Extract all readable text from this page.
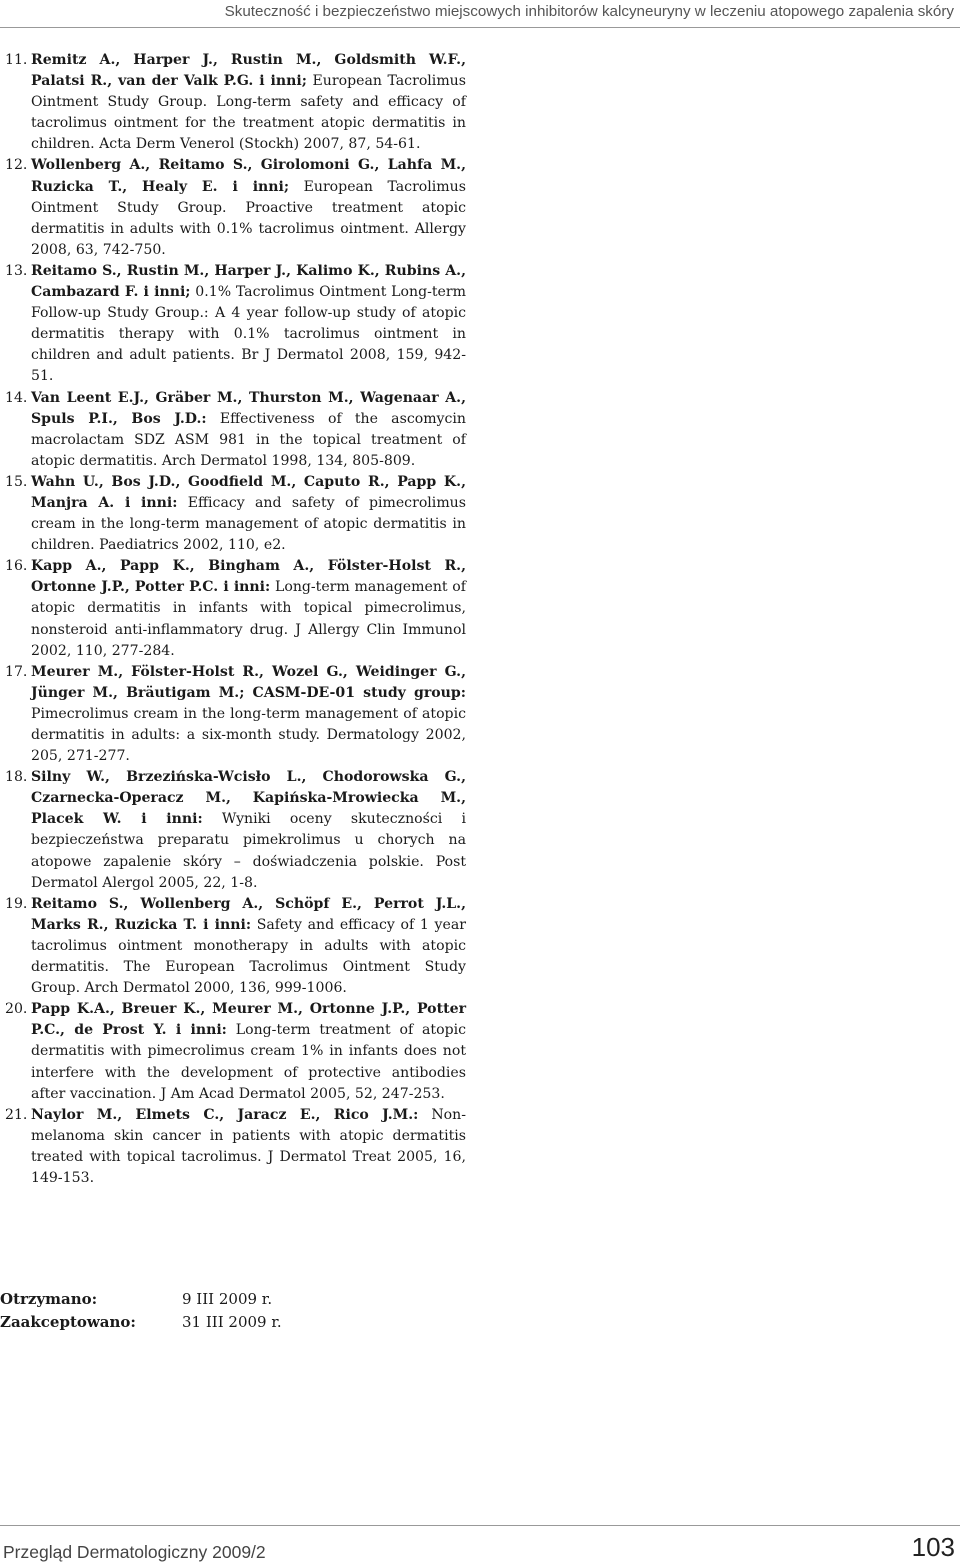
Skuteczność i bezpieczeństwo miejscowych inhibitorów kalcyneuryny w leczeniu atopowego zapalenia skóry
11. Remitz A., Harper J., Rustin M., Goldsmith W.F., Palatsi R., van der Valk P.G. i inni; European Tacrolimus Ointment Study Group. Long-term safety and efficacy of tacrolimus ointment for the treatment atopic dermatitis in children. Acta Derm Venerol (Stockh) 2007, 87, 54-61.
12. Wollenberg A., Reitamo S., Girolomoni G., Lahfa M., Ruzicka T., Healy E. i inni; European Tacrolimus Ointment Study Group. Proactive treatment atopic dermatitis in adults with 0.1% tacrolimus ointment. Allergy 2008, 63, 742-750.
13. Reitamo S., Rustin M., Harper J., Kalimo K., Rubins A., Cambazard F. i inni; 0.1% Tacrolimus Ointment Long-term Follow-up Study Group.: A 4 year follow-up study of atopic dermatitis therapy with 0.1% tacrolimus ointment in children and adult patients. Br J Dermatol 2008, 159, 942-51.
14. Van Leent E.J., Gräber M., Thurston M., Wagenaar A., Spuls P.I., Bos J.D.: Effectiveness of the ascomycin macrolactam SDZ ASM 981 in the topical treatment of atopic dermatitis. Arch Dermatol 1998, 134, 805-809.
15. Wahn U., Bos J.D., Goodfield M., Caputo R., Papp K., Manjra A. i inni: Efficacy and safety of pimecrolimus cream in the long-term management of atopic dermatitis in children. Paediatrics 2002, 110, e2.
16. Kapp A., Papp K., Bingham A., Fölster-Holst R., Ortonne J.P., Potter P.C. i inni: Long-term management of atopic dermatitis in infants with topical pimecrolimus, nonsteroid anti-inflammatory drug. J Allergy Clin Immunol 2002, 110, 277-284.
17. Meurer M., Fölster-Holst R., Wozel G., Weidinger G., Jünger M., Bräutigam M.; CASM-DE-01 study group: Pimecrolimus cream in the long-term management of atopic dermatitis in adults: a six-month study. Dermatology 2002, 205, 271-277.
18. Silny W., Brzezińska-Wcisło L., Chodorowska G., Czarnecka-Operacz M., Kapińska-Mrowiecka M., Placek W. i inni: Wyniki oceny skuteczności i bezpieczeństwa preparatu pimekrolimus u chorych na atopowe zapalenie skóry – doświadczenia polskie. Post Dermatol Alergol 2005, 22, 1-8.
19. Reitamo S., Wollenberg A., Schöpf E., Perrot J.L., Marks R., Ruzicka T. i inni: Safety and efficacy of 1 year tacrolimus ointment monotherapy in adults with atopic dermatitis. The European Tacrolimus Ointment Study Group. Arch Dermatol 2000, 136, 999-1006.
20. Papp K.A., Breuer K., Meurer M., Ortonne J.P., Potter P.C., de Prost Y. i inni: Long-term treatment of atopic dermatitis with pimecrolimus cream 1% in infants does not interfere with the development of protective antibodies after vaccination. J Am Acad Dermatol 2005, 52, 247-253.
21. Naylor M., Elmets C., Jaracz E., Rico J.M.: Non-melanoma skin cancer in patients with atopic dermatitis treated with topical tacrolimus. J Dermatol Treat 2005, 16, 149-153.
Otrzymano:	9 III 2009 r.
Zaakceptowano:	31 III 2009 r.
Przegląd Dermatologiczny 2009/2	103
